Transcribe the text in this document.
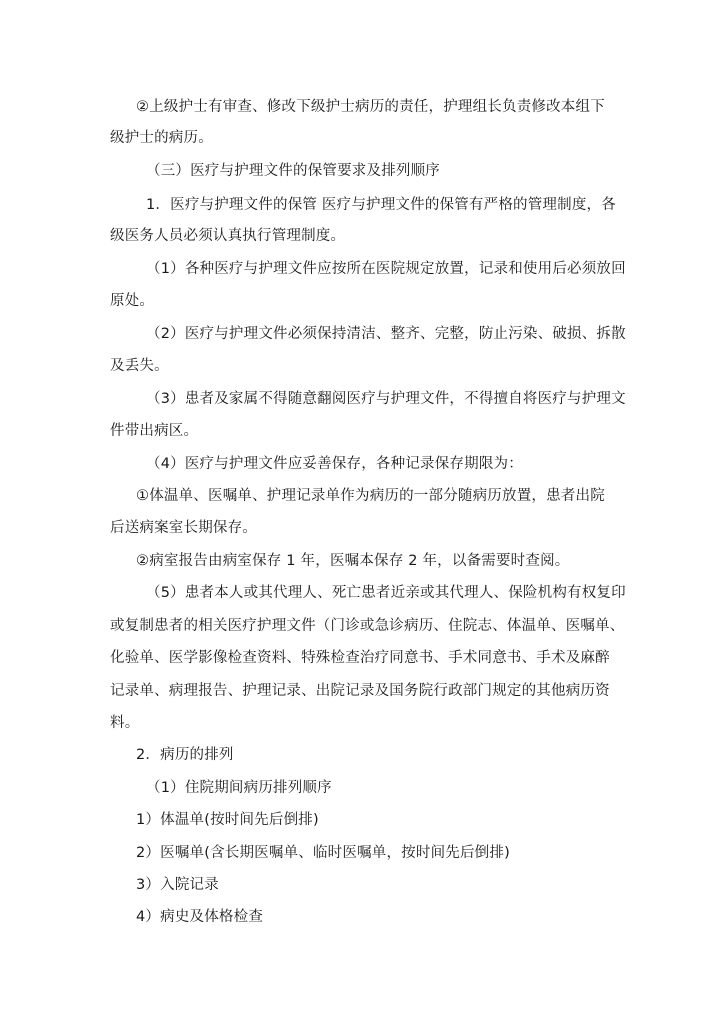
②上级护士有审查、修改下级护士病历的责任，护理组长负责修改本组下
级护士的病历。
（三）医疗与护理文件的保管要求及排列顺序
1．医疗与护理文件的保管 医疗与护理文件的保管有严格的管理制度，各
级医务人员必须认真执行管理制度。
（1）各种医疗与护理文件应按所在医院规定放置，记录和使用后必须放回
原处。
（2）医疗与护理文件必须保持清洁、整齐、完整，防止污染、破损、拆散
及丢失。
（3）患者及家属不得随意翻阅医疗与护理文件，不得擅自将医疗与护理文
件带出病区。
（4）医疗与护理文件应妥善保存，各种记录保存期限为：
①体温单、医嘱单、护理记录单作为病历的一部分随病历放置，患者出院
后送病案室长期保存。
②病室报告由病室保存 1 年，医嘱本保存 2 年，以备需要时查阅。
（5）患者本人或其代理人、死亡患者近亲或其代理人、保险机构有权复印
或复制患者的相关医疗护理文件（门诊或急诊病历、住院志、体温单、医嘱单、
化验单、医学影像检查资料、特殊检查治疗同意书、手术同意书、手术及麻醉
记录单、病理报告、护理记录、出院记录及国务院行政部门规定的其他病历资
料。
2．病历的排列
（1）住院期间病历排列顺序
1）体温单(按时间先后倒排)
2）医嘱单(含长期医嘱单、临时医嘱单，按时间先后倒排)
3）入院记录
4）病史及体格检查
